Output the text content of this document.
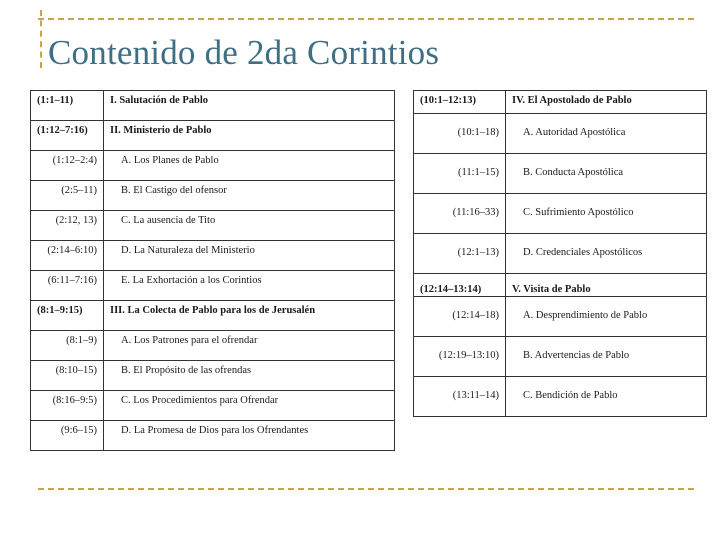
Contenido de 2da Corintios
(1:1–11)	I. Salutación de Pablo
(1:12–7:16)	II. Ministerio de Pablo
(1:12–2:4)	A. Los Planes de Pablo
(2:5–11)	B. El Castigo del ofensor
(2:12, 13)	C. La ausencia de Tito
(2:14–6:10)	D. La Naturaleza del Ministerio
(6:11–7:16)	E. La Exhortación a los Corintios
(8:1–9:15)	III. La Colecta de Pablo para los de Jerusalén
(8:1–9)	A. Los Patrones para el ofrendar
(8:10–15)	B. El Propósito de las ofrendas
(8:16–9:5)	C. Los Procedimientos para Ofrendar
(9:6–15)	D. La Promesa de Dios para los Ofrendantes
(10:1–12:13)	IV. El Apostolado de Pablo
(10:1–18)	A. Autoridad Apostólica
(11:1–15)	B. Conducta Apostólica
(11:16–33)	C. Sufrimiento Apostólico
(12:1–13)	D. Credenciales Apostólicos
(12:14–13:14)	V. Visita de Pablo
(12:14–18)	A. Desprendimiento de Pablo
(12:19–13:10)	B. Advertencias de Pablo
(13:11–14)	C. Bendición de Pablo
